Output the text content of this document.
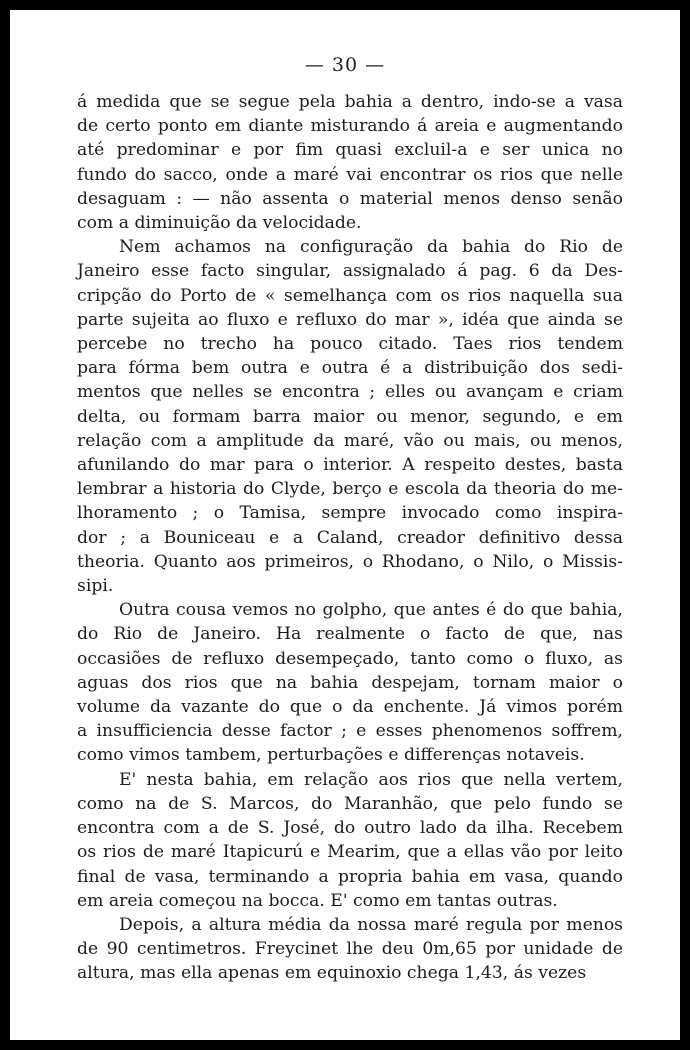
— 30 —

á medida que se segue pela bahia a dentro, indo-se a vasa
de certo ponto em diante misturando á areia e augmentando
até predominar e por fim quasi excluil-a e ser unica no
fundo do sacco, onde a maré vai encontrar os rios que nelle
desaguam : — não assenta o material menos denso senão
com a diminuição da velocidade.

Nem achamos na configuração da bahia do Rio de
Janeiro esse facto singular, assignalado á pag. 6 da Des-
cripção do Porto de « semelhança com os rios naquella sua
parte sujeita ao fluxo e refluxo do mar », idéa que ainda se
percebe no trecho ha pouco citado. Taes rios tendem
para fórma bem outra e outra é a distribuição dos sedi-
mentos que nelles se encontra ; elles ou avançam e criam
delta, ou formam barra maior ou menor, segundo, e em
relação com a amplitude da maré, vão ou mais, ou menos,
afunilando do mar para o interior. A respeito destes, basta
lembrar a historia do Clyde, berço e escola da theoria do me-
lhoramento ; o Tamisa, sempre invocado como inspira-
dor ; a Bouniceau e a Caland, creador definitivo dessa
theoria. Quanto aos primeiros, o Rhodano, o Nilo, o Missis-
sipi.

Outra cousa vemos no golpho, que antes é do que bahia,
do Rio de Janeiro. Ha realmente o facto de que, nas
occasiões de refluxo desempeçado, tanto como o fluxo, as
aguas dos rios que na bahia despejam, tornam maior o
volume da vazante do que o da enchente. Já vimos porém
a insufficiencia desse factor ; e esses phenomenos soffrem,
como vimos tambem, perturbações e differenças notaveis.

E' nesta bahia, em relação aos rios que nella vertem,
como na de S. Marcos, do Maranhão, que pelo fundo se
encontra com a de S. José, do outro lado da ilha. Recebem
os rios de maré Itapicurú e Mearim, que a ellas vão por leito
final de vasa, terminando a propria bahia em vasa, quando
em areia começou na bocca. E' como em tantas outras.

Depois, a altura média da nossa maré regula por menos
de 90 centimetros. Freycinet lhe deu 0m,65 por unidade de
altura, mas ella apenas em equinoxio chega 1,43, ás vezes
